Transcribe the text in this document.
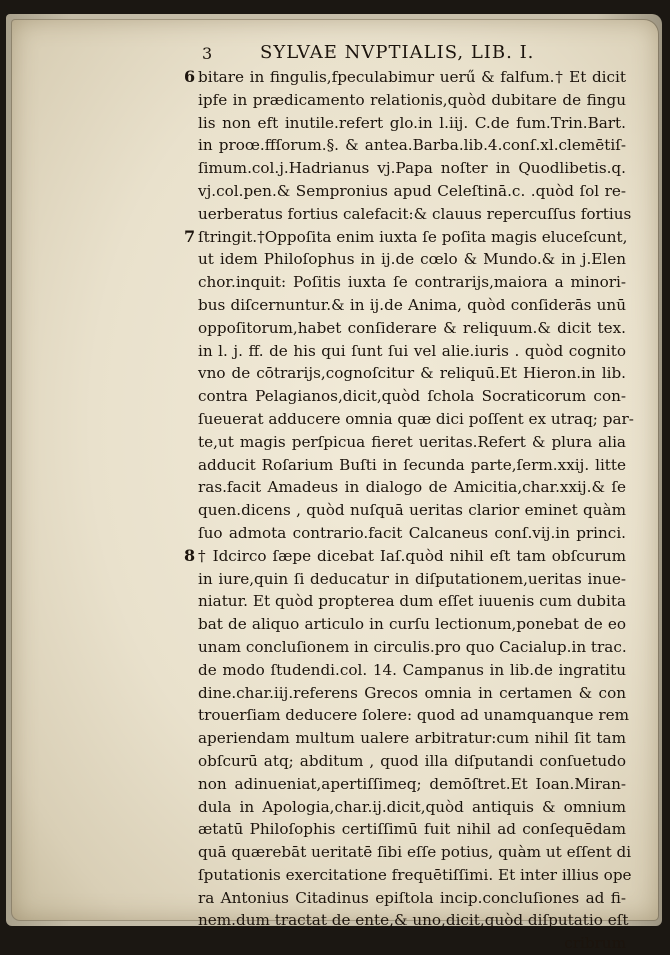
3	SYLVAE NVPTIALIS, LIB. I.
6 bitare in fingulis,fpeculabimur uerű & falfum.† Et dicit
ipfe in prædicamento relationis,quòd dubitare de fingu
lis non eft inutile.refert glo.in l.iij. C.de fum.Trin.Bart.
in proœ.ffſorum.§. & antea.Barba.lib.4.conſ.xl.clemētiſ-
ſimum.col.j.Hadrianus vj.Papa noſter in Quodlibetis.q.
vj.col.pen.& Sempronius apud Celeſtinā.c. .quòd ſol re-
uerberatus fortius calefacit:& clauus repercuſſus fortius
7 ſtringit.†Oppoſita enim iuxta ſe poſita magis eluceſcunt,
ut idem Philoſophus in ij.de cœlo & Mundo.& in j.Elen
chor.inquit: Poſitis iuxta ſe contrarijs,maiora a minori-
bus diſcernuntur.& in ij.de Anima, quòd conſiderās unū
oppoſitorum,habet conſiderare & reliquum.& dicit tex.
in l. j. ff. de his qui ſunt ſui vel alie.iuris . quòd cognito
vno de cōtrarijs,cognoſcitur & reliquū.Et Hieron.in lib.
contra Pelagianos,dicit,quòd ſchola Socraticorum con-
ſueuerat adducere omnia quæ dici poſſent ex utraq; par-
te,ut magis perſpicua fieret ueritas.Refert & plura alia
adducit Roſarium Buſti in ſecunda parte,ſerm.xxij. litte
ras.facit Amadeus in dialogo de Amicitia,char.xxij.& ſe
quen.dicens , quòd nuſquā ueritas clarior eminet quàm
ſuo admota contrario.facit Calcaneus conſ.vij.in princi.
8 † Idcirco ſæpe dicebat Iaſ.quòd nihil eſt tam obſcurum
in iure,quin ſi deducatur in diſputationem,ueritas inue-
niatur. Et quòd propterea dum eſſet iuuenis cum dubita
bat de aliquo articulo in curſu lectionum,ponebat de eo
unam concluſionem in circulis.pro quo Cacialup.in trac.
de modo ſtudendi.col. 14. Campanus in lib.de ingratitu
dine.char.iij.referens Grecos omnia in certamen & con
trouerſiam deducere ſolere: quod ad unamquanque rem
aperiendam multum ualere arbitratur:cum nihil ſit tam
obſcurū atq; abditum , quod illa diſputandi conſuetudo
non adinueniat,apertiſſimeq; demōſtret.Et Ioan.Miran-
dula in Apologia,char.ij.dicit,quòd antiquis & omnium
ætatū Philoſophis certiſſimū fuit nihil ad conſequēdam
quā quærebāt ueritatē ſibi eſſe potius, quàm ut eſſent di
ſputationis exercitatione frequētiſſimi. Et inter illius ope
ra Antonius Citadinus epiſtola incip.concluſiones ad fi-
nem.dum tractat de ente,& uno,dicit,quòd diſputatio eſt
cribrum
